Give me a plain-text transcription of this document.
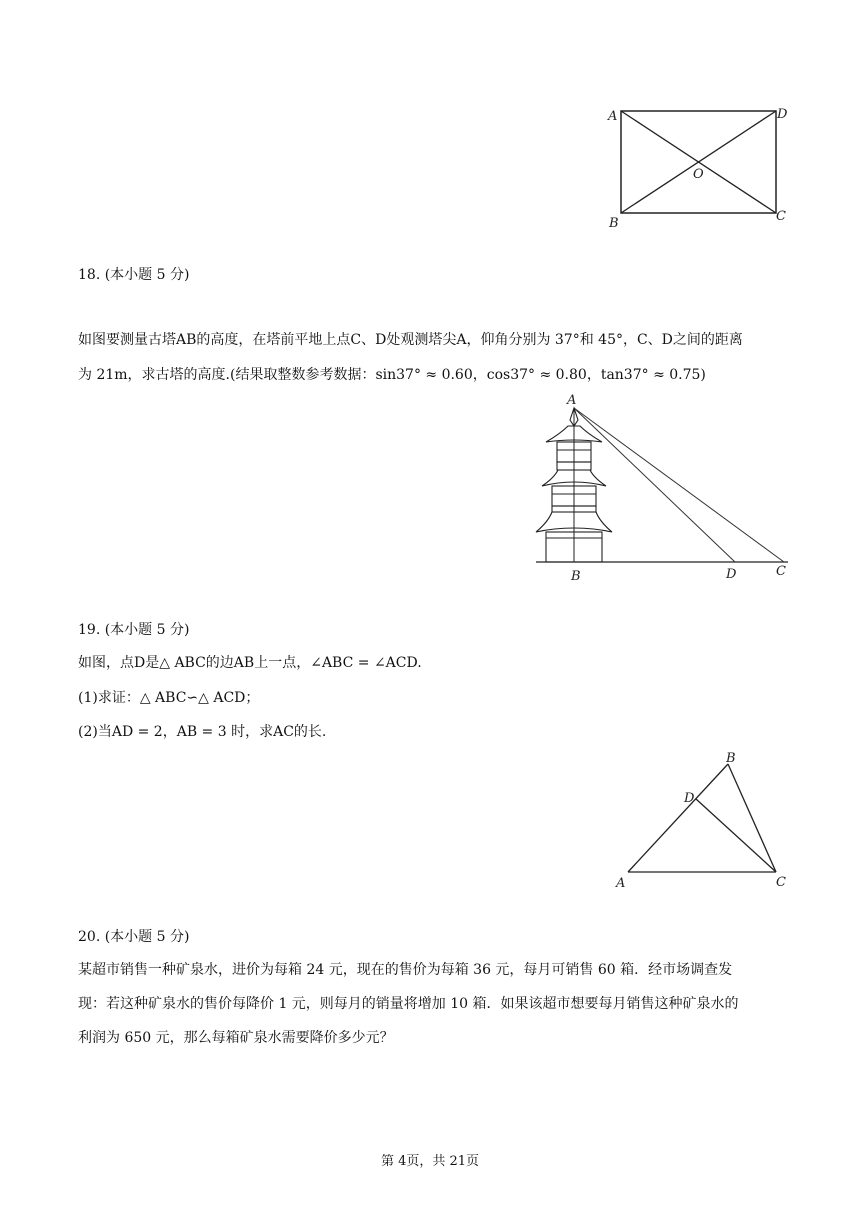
A	D
O
B	C
18. (本小题 5 分)
如图要测量古塔AB的高度，在塔前平地上点C、D处观测塔尖A，仰角分别为 37°和 45°，C、D之间的距离
为 21m，求古塔的高度.(结果取整数参考数据：sin37° ≈ 0.60，cos37° ≈ 0.80，tan37° ≈ 0.75)
A
B	D	C
19. (本小题 5 分)
如图，点D是△ ABC的边AB上一点，∠ABC = ∠ACD.
(1)求证：△ ABC∽△ ACD；
(2)当AD = 2，AB = 3 时，求AC的长.
B
D
A	C
20. (本小题 5 分)
某超市销售一种矿泉水，进价为每箱 24 元，现在的售价为每箱 36 元，每月可销售 60 箱．经市场调查发
现：若这种矿泉水的售价每降价 1 元，则每月的销量将增加 10 箱．如果该超市想要每月销售这种矿泉水的
利润为 650 元，那么每箱矿泉水需要降价多少元？
第 4页，共 21页
